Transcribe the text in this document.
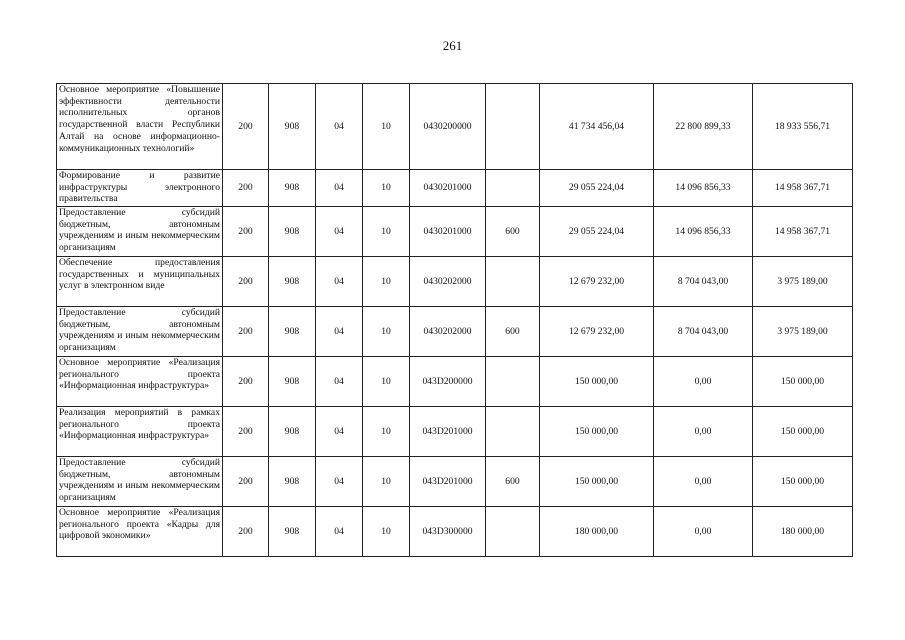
261
Основное мероприятие «Повышение эффективности деятельности исполнительных органов государственной власти Республики Алтай на основе информационно-коммуникационных технологий»	200	908	04	10	0430200000		41 734 456,04	22 800 899,33	18 933 556,71
Формирование и развитие инфраструктуры электронного правительства	200	908	04	10	0430201000		29 055 224,04	14 096 856,33	14 958 367,71
Предоставление субсидий бюджетным, автономным учреждениям и иным некоммерческим организациям	200	908	04	10	0430201000	600	29 055 224,04	14 096 856,33	14 958 367,71
Обеспечение предоставления государственных и муниципальных услуг в электронном виде	200	908	04	10	0430202000		12 679 232,00	8 704 043,00	3 975 189,00
Предоставление субсидий бюджетным, автономным учреждениям и иным некоммерческим организациям	200	908	04	10	0430202000	600	12 679 232,00	8 704 043,00	3 975 189,00
Основное мероприятие «Реализация регионального проекта «Информационная инфраструктура»	200	908	04	10	043D200000		150 000,00	0,00	150 000,00
Реализация мероприятий в рамках регионального проекта «Информационная инфраструктура»	200	908	04	10	043D201000		150 000,00	0,00	150 000,00
Предоставление субсидий бюджетным, автономным учреждениям и иным некоммерческим организациям	200	908	04	10	043D201000	600	150 000,00	0,00	150 000,00
Основное мероприятие «Реализация регионального проекта «Кадры для цифровой экономики»	200	908	04	10	043D300000		180 000,00	0,00	180 000,00
